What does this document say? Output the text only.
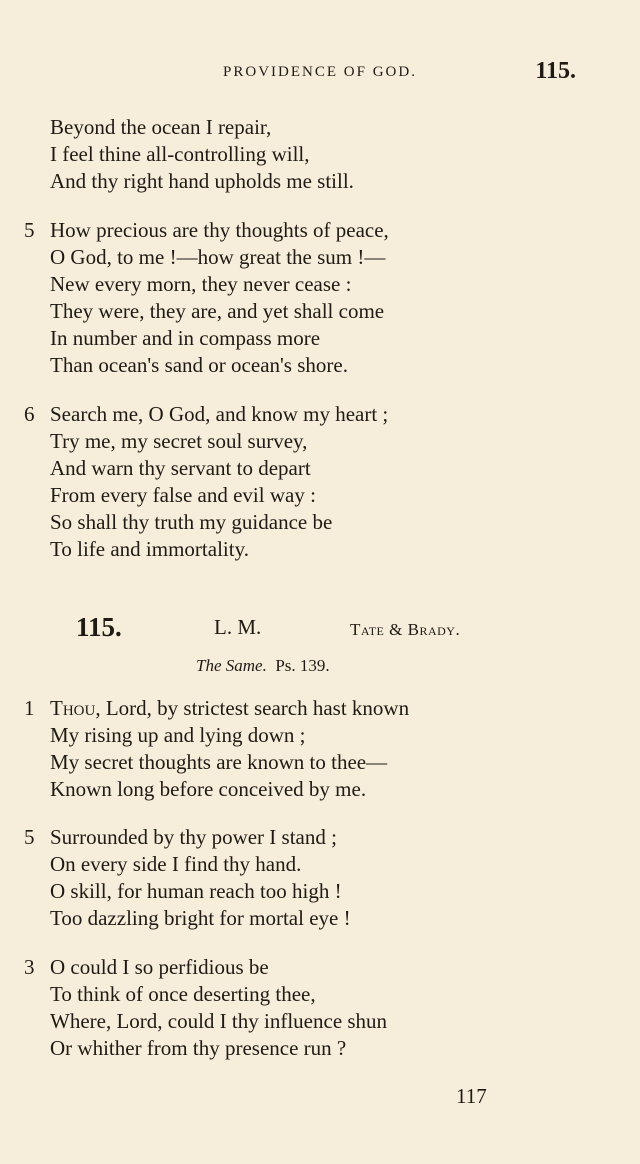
PROVIDENCE OF GOD.	115.
Beyond the ocean I repair,
I feel thine all-controlling will,
And thy right hand upholds me still.
5 How precious are thy thoughts of peace,
O God, to me !—how great the sum !—
New every morn, they never cease :
They were, they are, and yet shall come
In number and in compass more
Than ocean's sand or ocean's shore.
6 Search me, O God, and know my heart ;
Try me, my secret soul survey,
And warn thy servant to depart
From every false and evil way :
So shall thy truth my guidance be
To life and immortality.
115.	L. M.	Tate & Brady.
The Same. Ps. 139.
1 Thou, Lord, by strictest search hast known
My rising up and lying down ;
My secret thoughts are known to thee—
Known long before conceived by me.
5 Surrounded by thy power I stand ;
On every side I find thy hand.
O skill, for human reach too high !
Too dazzling bright for mortal eye !
3 O could I so perfidious be
To think of once deserting thee,
Where, Lord, could I thy influence shun
Or whither from thy presence run ?
117
